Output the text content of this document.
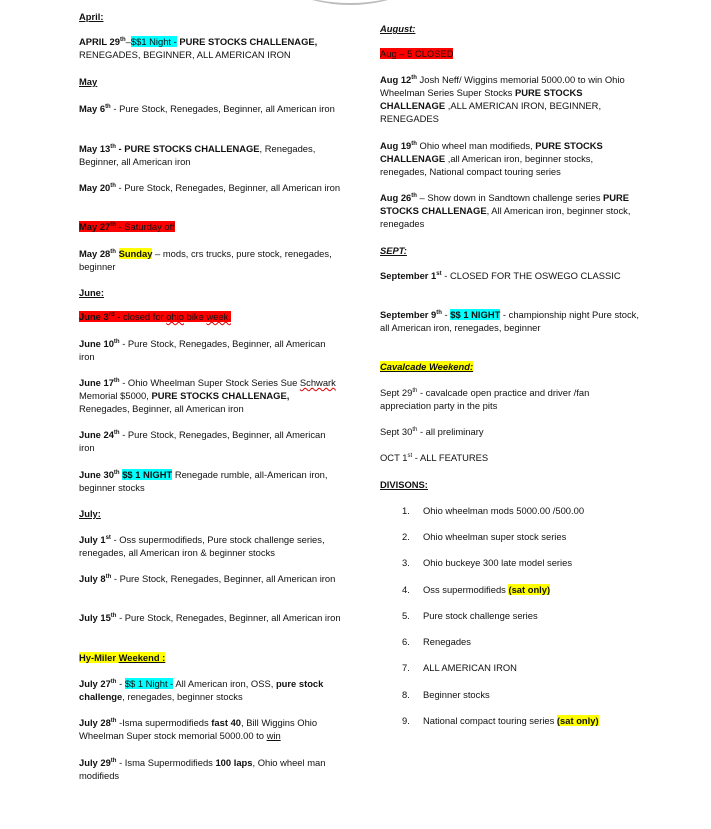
April:
APRIL 29th–$$1 Night - PURE STOCKS CHALLENAGE, RENEGADES, BEGINNER, ALL AMERICAN IRON
May
May 6th - Pure Stock, Renegades, Beginner, all American iron
May 13th - PURE STOCKS CHALLENAGE, Renegades, Beginner, all American iron
May 20th - Pure Stock, Renegades, Beginner, all American iron
May 27th - Saturday off
May 28th Sunday – mods, crs trucks, pure stock, renegades, beginner
June:
June 3rd - closed for ohio bike week.
June 10th - Pure Stock, Renegades, Beginner, all American iron
June 17th - Ohio Wheelman Super Stock Series Sue Schwark Memorial $5000, PURE STOCKS CHALLENAGE, Renegades, Beginner, all American iron
June 24th - Pure Stock, Renegades, Beginner, all American iron
June 30th $$ 1 NIGHT Renegade rumble, all-American iron, beginner stocks
July:
July 1st - Oss supermodifieds, Pure stock challenge series, renegades, all American iron & beginner stocks
July 8th - Pure Stock, Renegades, Beginner, all American iron
July 15th - Pure Stock, Renegades, Beginner, all American iron
Hy-Miler Weekend :
July 27th - $$ 1 Night - All American iron, OSS, pure stock challenge, renegades, beginner stocks
July 28th -Isma supermodifieds fast 40, Bill Wiggins Ohio Wheelman Super stock memorial 5000.00 to win
July 29th - Isma Supermodifieds 100 laps, Ohio wheel man modifieds
August:
Aug – 5 CLOSED
Aug 12th Josh Neff/ Wiggins memorial 5000.00 to win Ohio Wheelman Series Super Stocks PURE STOCKS CHALLENAGE ,ALL AMERICAN IRON, BEGINNER, RENEGADES
Aug 19th Ohio wheel man modifieds, PURE STOCKS CHALLENAGE ,all American iron, beginner stocks, renegades, National compact touring series
Aug 26th – Show down in Sandtown challenge series PURE STOCKS CHALLENAGE, All American iron, beginner stock, renegades
SEPT:
September 1st - CLOSED FOR THE OSWEGO CLASSIC
September 9th - $$ 1 NIGHT - championship night Pure stock, all American iron, renegades, beginner
Cavalcade Weekend:
Sept 29th - cavalcade open practice and driver /fan appreciation party in the pits
Sept 30th - all preliminary
OCT 1st - ALL FEATURES
DIVISONS:
1. Ohio wheelman mods 5000.00 /500.00
2. Ohio wheelman super stock series
3. Ohio buckeye 300 late model series
4. Oss supermodifieds (sat only)
5. Pure stock challenge series
6. Renegades
7. ALL AMERICAN IRON
8. Beginner stocks
9. National compact touring series (sat only)
